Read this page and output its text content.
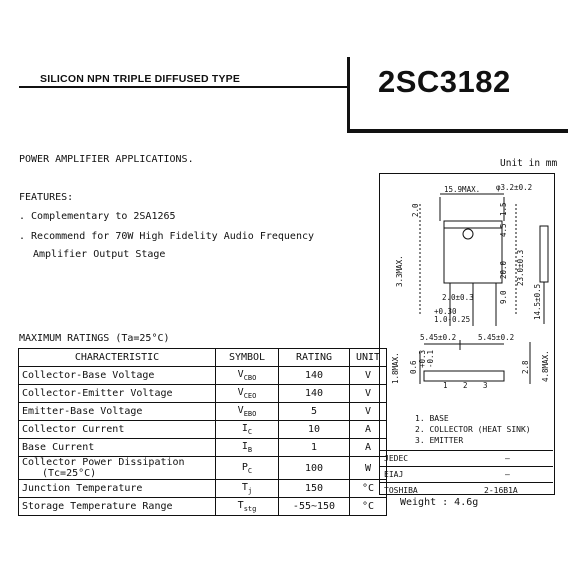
SILICON NPN TRIPLE DIFFUSED TYPE	2SC3182
POWER AMPLIFIER APPLICATIONS.	Unit in mm
FEATURES:
. Complementary to 2SA1265
. Recommend for 70W High Fidelity Audio Frequency
Amplifier Output Stage
MAXIMUM RATINGS (Ta=25°C)
CHARACTERISTIC	SYMBOL	RATING	UNIT

Collector-Base Voltage	$V_{CBO}$	140	V

Collector-Emitter Voltage	$V_{CEO}$	140	V

Emitter-Base Voltage	$V_{EBO}$	5	V

Collector Current	$I_C$	10	A

Base Current	$I_B$	1	A

Collector Power Dissipation
(Tc=25°C)	$P_C$	100	W

Junction Temperature	$T_j$	150	°C

Storage Temperature Range	$T_{stg}$	-55~150	°C
15.9MAX. φ3.2±0.2
2.0±0.3
+0.30
1.0-0.25
5.45±0.2	5.45±0.2
1 2 3
2.0	1.5
4.5
20.0
9.0
23.0±0.3
3.3MAX.
14.5±0.5
1.8MAX. 0.6 +0.3 -0.1	2.8 4.8MAX.
1. BASE
2. COLLECTOR (HEAT SINK)
3. EMITTER
JEDEC	—
EIAJ	—
TOSHIBA	2-16B1A
Weight : 4.6g
